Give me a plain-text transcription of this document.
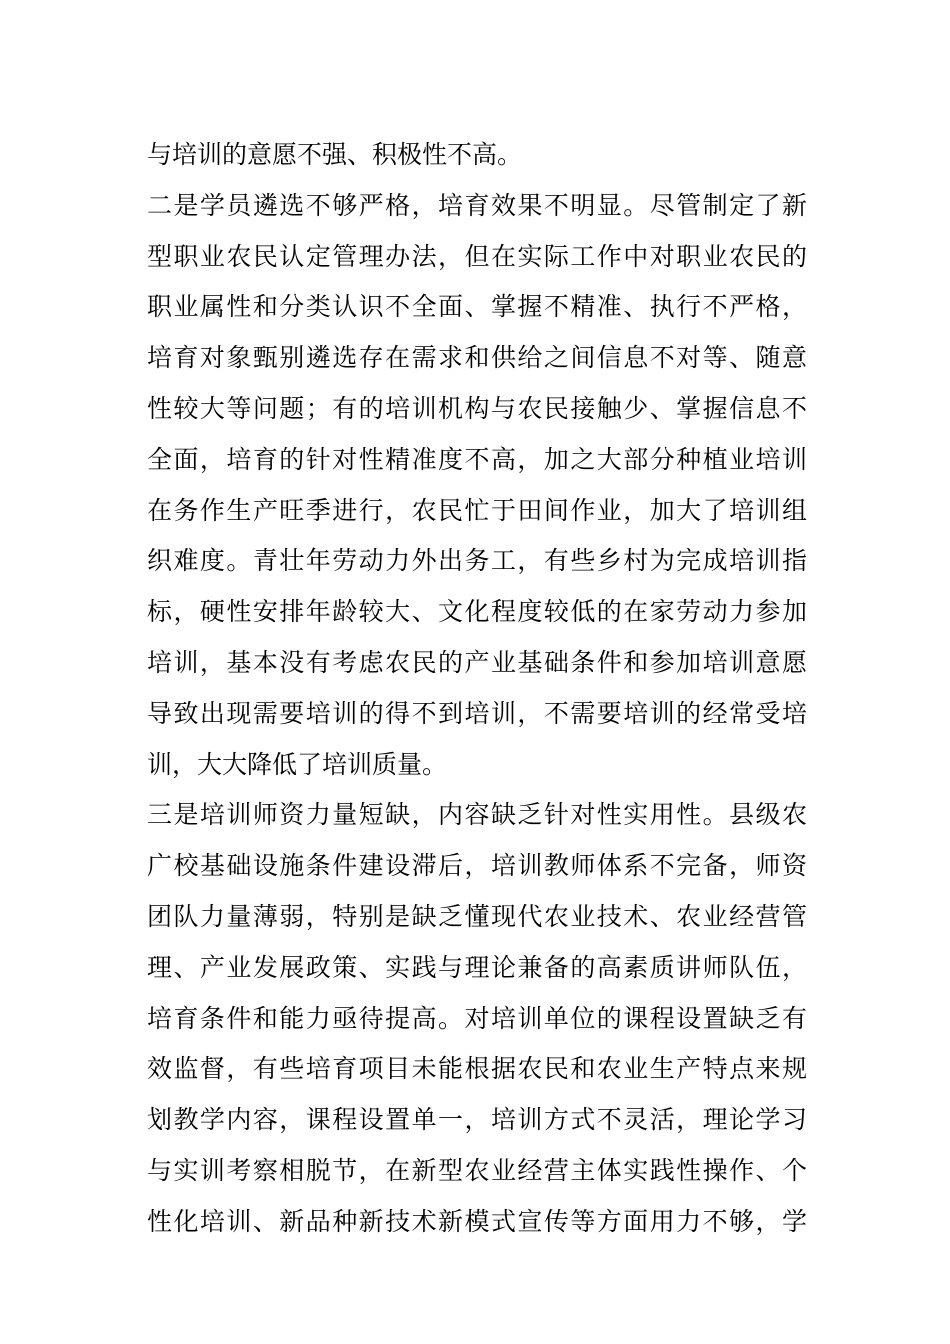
与培训的意愿不强、积极性不高。
二是学员遴选不够严格，培育效果不明显。尽管制定了新
型职业农民认定管理办法，但在实际工作中对职业农民的
职业属性和分类认识不全面、掌握不精准、执行不严格，
培育对象甄别遴选存在需求和供给之间信息不对等、随意
性较大等问题；有的培训机构与农民接触少、掌握信息不
全面，培育的针对性精准度不高，加之大部分种植业培训
在务作生产旺季进行，农民忙于田间作业，加大了培训组
织难度。青壮年劳动力外出务工，有些乡村为完成培训指
标，硬性安排年龄较大、文化程度较低的在家劳动力参加
培训，基本没有考虑农民的产业基础条件和参加培训意愿
导致出现需要培训的得不到培训，不需要培训的经常受培
训，大大降低了培训质量。
三是培训师资力量短缺，内容缺乏针对性实用性。县级农
广校基础设施条件建设滞后，培训教师体系不完备，师资
团队力量薄弱，特别是缺乏懂现代农业技术、农业经营管
理、产业发展政策、实践与理论兼备的高素质讲师队伍，
培育条件和能力亟待提高。对培训单位的课程设置缺乏有
效监督，有些培育项目未能根据农民和农业生产特点来规
划教学内容，课程设置单一，培训方式不灵活，理论学习
与实训考察相脱节，在新型农业经营主体实践性操作、个
性化培训、新品种新技术新模式宣传等方面用力不够，学
